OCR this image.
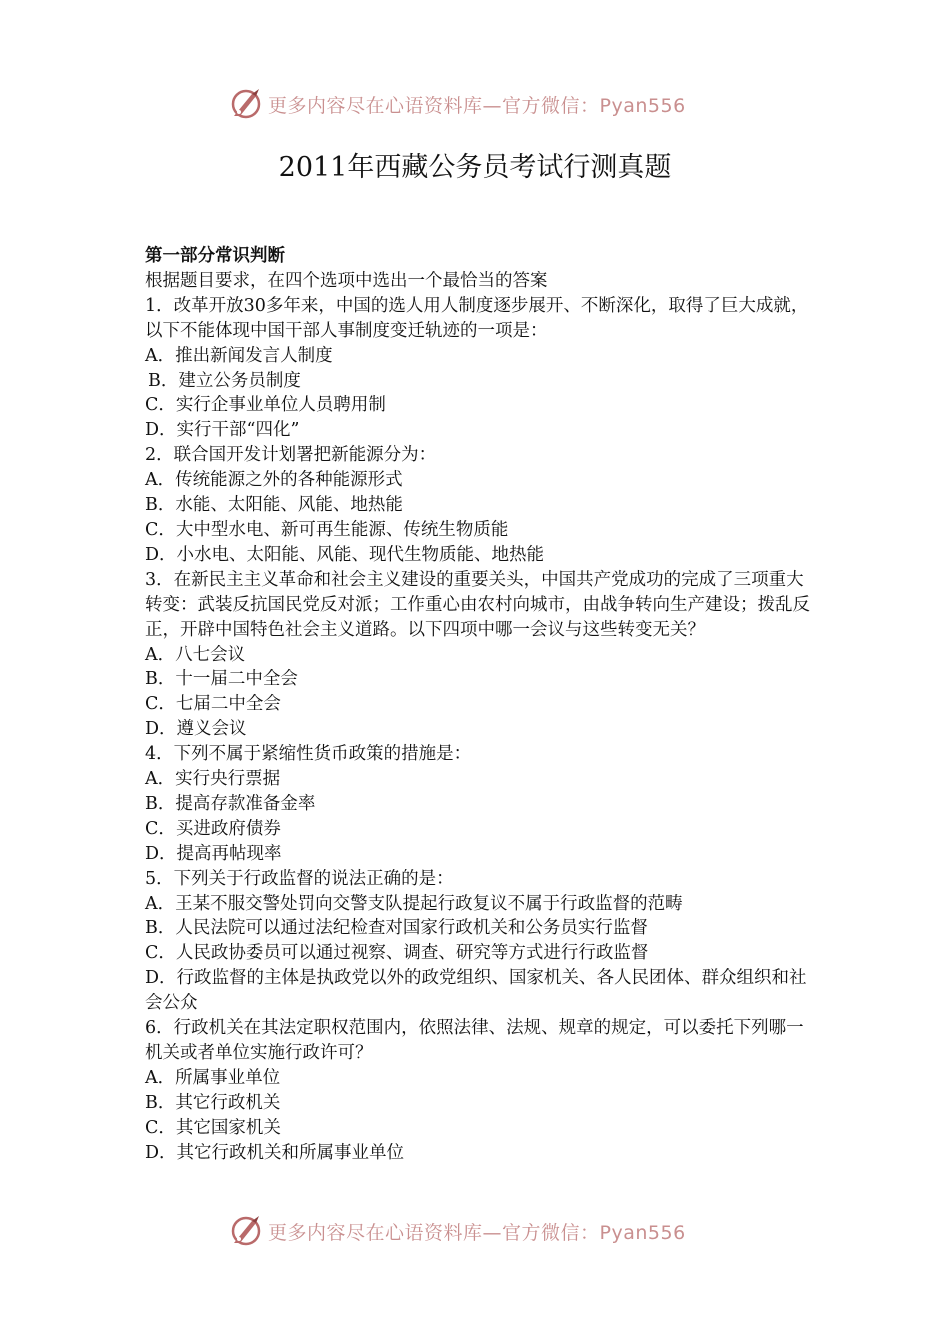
更多内容尽在心语资料库—官方微信：Pyan556
2011年西藏公务员考试行测真题

第一部分常识判断

根据题目要求，在四个选项中选出一个最恰当的答案

1．改革开放30多年来，中国的选人用人制度逐步展开、不断深化，取得了巨大成就，以下不能体现中国干部人事制度变迁轨迹的一项是：

A．推出新闻发言人制度

B．建立公务员制度

C．实行企事业单位人员聘用制

D．实行干部“四化”

2．联合国开发计划署把新能源分为：

A．传统能源之外的各种能源形式

B．水能、太阳能、风能、地热能

C．大中型水电、新可再生能源、传统生物质能

D．小水电、太阳能、风能、现代生物质能、地热能

3．在新民主主义革命和社会主义建设的重要关头，中国共产党成功的完成了三项重大转变：武装反抗国民党反对派；工作重心由农村向城市，由战争转向生产建设；拨乱反正，开辟中国特色社会主义道路。以下四项中哪一会议与这些转变无关？

A．八七会议

B．十一届二中全会

C．七届二中全会

D．遵义会议

4．下列不属于紧缩性货币政策的措施是：

A．实行央行票据

B．提高存款准备金率

C．买进政府债券

D．提高再帖现率

5．下列关于行政监督的说法正确的是：

A．王某不服交警处罚向交警支队提起行政复议不属于行政监督的范畴

B．人民法院可以通过法纪检查对国家行政机关和公务员实行监督

C．人民政协委员可以通过视察、调查、研究等方式进行行政监督

D．行政监督的主体是执政党以外的政党组织、国家机关、各人民团体、群众组织和社会公众

6．行政机关在其法定职权范围内，依照法律、法规、规章的规定，可以委托下列哪一机关或者单位实施行政许可？

A．所属事业单位

B．其它行政机关

C．其它国家机关

D．其它行政机关和所属事业单位

更多内容尽在心语资料库—官方微信：Pyan556
